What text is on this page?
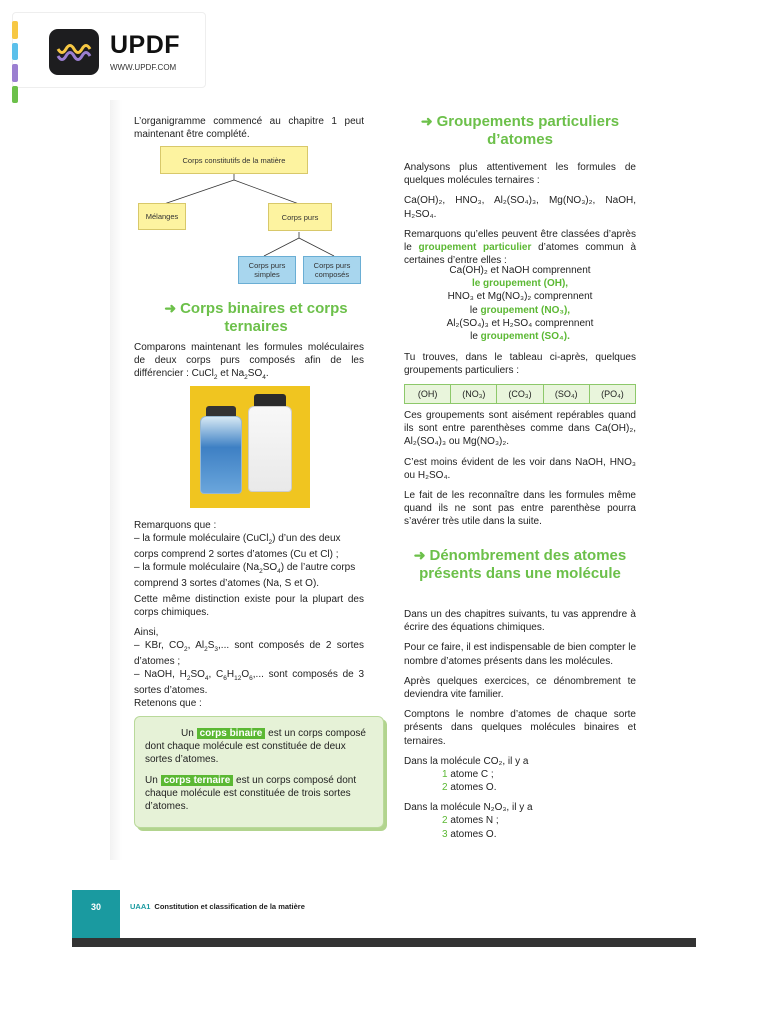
UPDF
WWW.UPDF.COM
L’organigramme commencé au chapitre 1 peut maintenant être complété.
Corps constitutifs de la matière
Mélanges	Corps purs
Corps purs simples
Corps purs composés
➜ Corps binaires et corps ternaires
Comparons maintenant les formules moléculaires de deux corps purs composés afin de les différencier : CuCl$_2$ et $Na_2SO_4$.
Remarquons que :
– la formule moléculaire (CuCl$_2$) d’un des deux corps comprend 2 sortes d’atomes (Cu et Cl) ;
– la formule moléculaire $(Na_2SO_4)$ de l’autre corps comprend 3 sortes d’atomes (Na, S et O).
Cette même distinction existe pour la plupart des corps chimiques.
Ainsi,
– KBr, $CO_2$, $Al_2S_3$,... sont composés de 2 sortes d’atomes ;
– NaOH, $H_2SO_4$, $C_6H_{12}O_6$,... sont composés de 3 sortes d’atomes.
Retenons que :

Un corps binaire est un corps composé dont chaque molécule est constituée de deux sortes d’atomes.

Un corps ternaire est un corps composé dont chaque molécule est constituée de trois sortes d’atomes.

➜ Groupements particuliers d’atomes

Analysons plus attentivement les formules de quelques molécules ternaires :

Ca(OH)₂, HNO₃, Al₂(SO₄)₃, Mg(NO₃)₂, NaOH, H₂SO₄.

Remarquons qu’elles peuvent être classées d’après le groupement particulier d’atomes commun à certaines d’entre elles :

Ca(OH)₂ et NaOH comprennent
le groupement (OH),
HNO₃ et Mg(NO₃)₂ comprennent
le groupement (NO₃),
Al₂(SO₄)₃ et H₂SO₄ comprennent
le groupement (SO₄).
Tu trouves, dans le tableau ci-après, quelques groupements particuliers :
(OH)	(NO₃)	(CO₃)	(SO₄)	(PO₄)

Ces groupements sont aisément repérables quand ils sont entre parenthèses comme dans Ca(OH)₂, Al₂(SO₄)₃ ou Mg(NO₃)₂.

C’est moins évident de les voir dans NaOH, HNO₃ ou H₂SO₄.

Le fait de les reconnaître dans les formules même quand ils ne sont pas entre parenthèse pourra s’avérer très utile dans la suite.

➜ Dénombrement des atomes présents dans une molécule

Dans un des chapitres suivants, tu vas apprendre à écrire des équations chimiques.

Pour ce faire, il est indispensable de bien compter le nombre d’atomes présents dans les molécules.

Après quelques exercices, ce dénombrement te deviendra vite familier.

Comptons le nombre d’atomes de chaque sorte présents dans quelques molécules binaires et ternaires.

Dans la molécule CO₂, il y a
1 atome C ;
2 atomes O.
Dans la molécule N₂O₃, il y a
2 atomes N ;
3 atomes O.
30	UAA1 Constitution et classification de la matière
